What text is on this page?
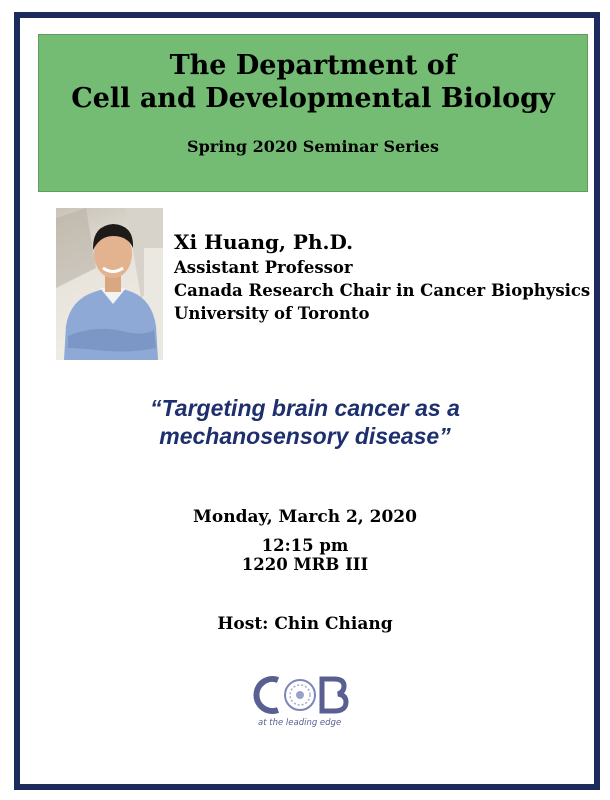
The Department of
Cell and Developmental Biology
Spring 2020 Seminar Series
Xi Huang, Ph.D.
Assistant Professor
Canada Research Chair in Cancer Biophysics
University of Toronto
“Targeting brain cancer as a
mechanosensory disease”
Monday, March 2, 2020
12:15 pm
1220 MRB III
Host: Chin Chiang
at the leading edge
